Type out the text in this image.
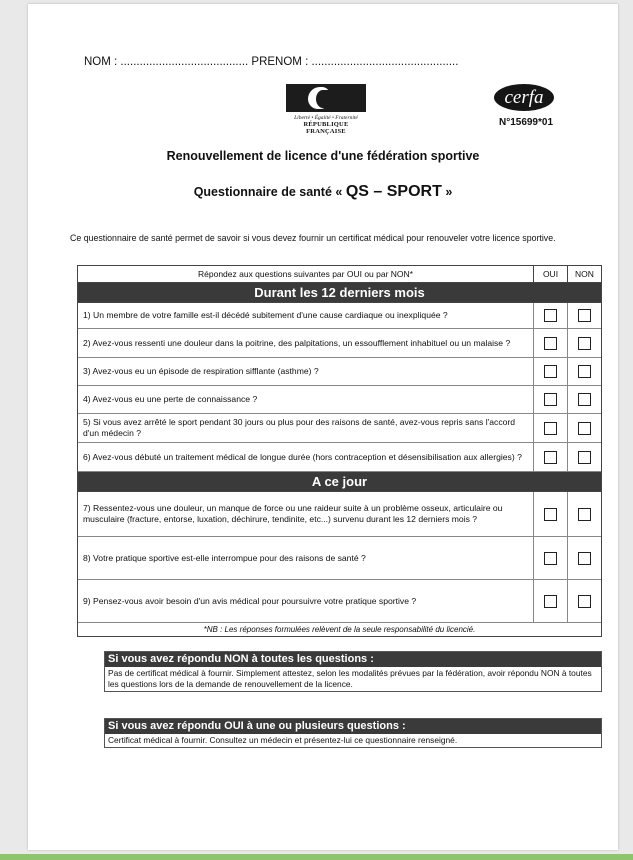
NOM : ........................................ PRENOM : ..............................................
Liberté • Égalité • Fraternité
RÉPUBLIQUE FRANÇAISE
cerfa
N°15699*01
Renouvellement de licence d'une fédération sportive
Questionnaire de santé « QS – SPORT »
Ce questionnaire de santé permet de savoir si vous devez fournir un certificat médical pour renouveler votre licence sportive.
Répondez aux questions suivantes par OUI ou par NON*	OUI	NON
Durant les 12 derniers mois
1) Un membre de votre famille est-il décédé subitement d'une cause cardiaque ou inexpliquée ?
2) Avez-vous ressenti une douleur dans la poitrine, des palpitations, un essoufflement inhabituel ou un malaise ?
3) Avez-vous eu un épisode de respiration sifflante (asthme) ?
4) Avez-vous eu une perte de connaissance ?
5) Si vous avez arrêté le sport pendant 30 jours ou plus pour des raisons de santé, avez-vous repris sans l'accord d'un médecin ?
6) Avez-vous débuté un traitement médical de longue durée (hors contraception et désensibilisation aux allergies) ?
A ce jour
7) Ressentez-vous une douleur, un manque de force ou une raideur suite à un problème osseux, articulaire ou musculaire (fracture, entorse, luxation, déchirure, tendinite, etc...) survenu durant les 12 derniers mois ?
8) Votre pratique sportive est-elle interrompue pour des raisons de santé ?
9) Pensez-vous avoir besoin d'un avis médical pour poursuivre votre pratique sportive ?
*NB : Les réponses formulées relèvent de la seule responsabilité du licencié.
Si vous avez répondu NON à toutes les questions :
Pas de certificat médical à fournir. Simplement attestez, selon les modalités prévues par la fédération, avoir répondu NON à toutes les questions lors de la demande de renouvellement de la licence.
Si vous avez répondu OUI à une ou plusieurs questions :
Certificat médical à fournir. Consultez un médecin et présentez-lui ce questionnaire renseigné.
